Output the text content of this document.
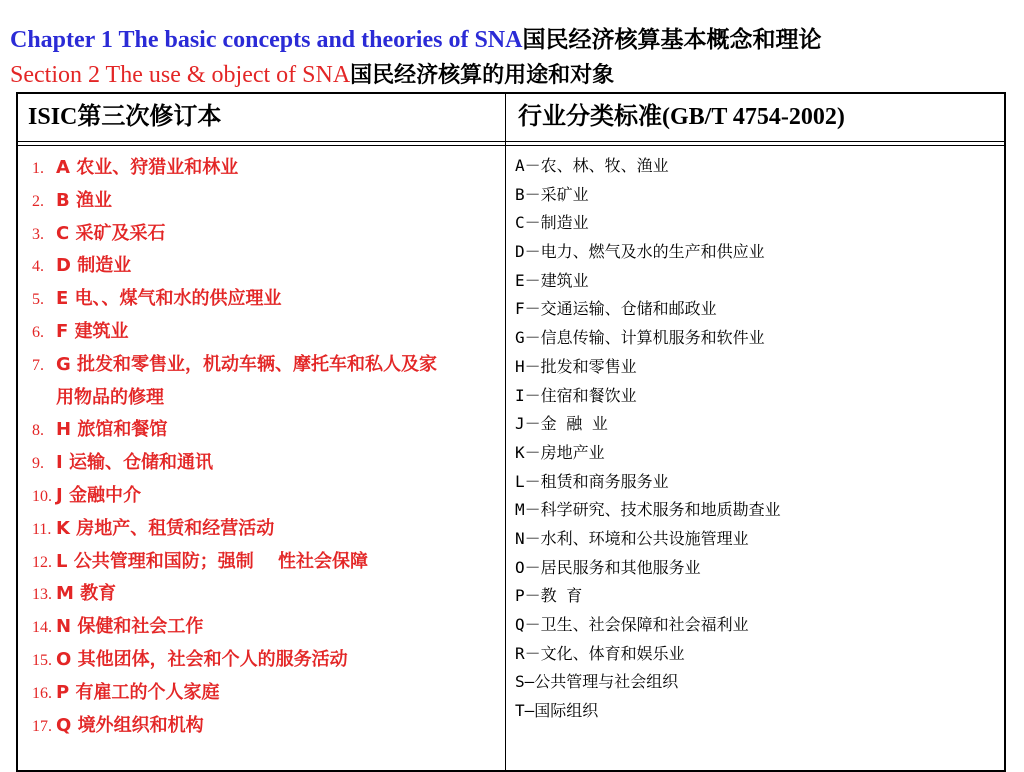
Chapter 1 The basic concepts and theories of SNA国民经济核算基本概念和理论
Section 2 The use & object of SNA国民经济核算的用途和对象
ISIC第三次修订本	行业分类标准(GB/T 4754-2002)
1. A 农业、狩猎业和林业
2. B 渔业
3. C 采矿及采石
4. D 制造业
5. E 电、、煤气和水的供应理业
6. F 建筑业
7. G 批发和零售业，机动车辆、摩托车和私人及家 用物品的修理
8. H 旅馆和餐馆
9. I 运输、仓储和通讯
10. J 金融中介
11. K 房地产、租赁和经营活动
12. L 公共管理和国防；强制　 性社会保障
13. M 教育
14. N 保健和社会工作
15. O 其他团体，社会和个人的服务活动
16. P 有雇工的个人家庭
17. Q 境外组织和机构
A－农、林、牧、渔业
B－采矿业
C－制造业
D－电力、燃气及水的生产和供应业
E－建筑业
F－交通运输、仓储和邮政业
G－信息传输、计算机服务和软件业
H－批发和零售业
I－住宿和餐饮业
J－金 融 业
K－房地产业
L－租赁和商务服务业
M－科学研究、技术服务和地质勘查业
N－水利、环境和公共设施管理业
O－居民服务和其他服务业
P－教 育
Q－卫生、社会保障和社会福利业
R－文化、体育和娱乐业
S—公共管理与社会组织
T—国际组织
